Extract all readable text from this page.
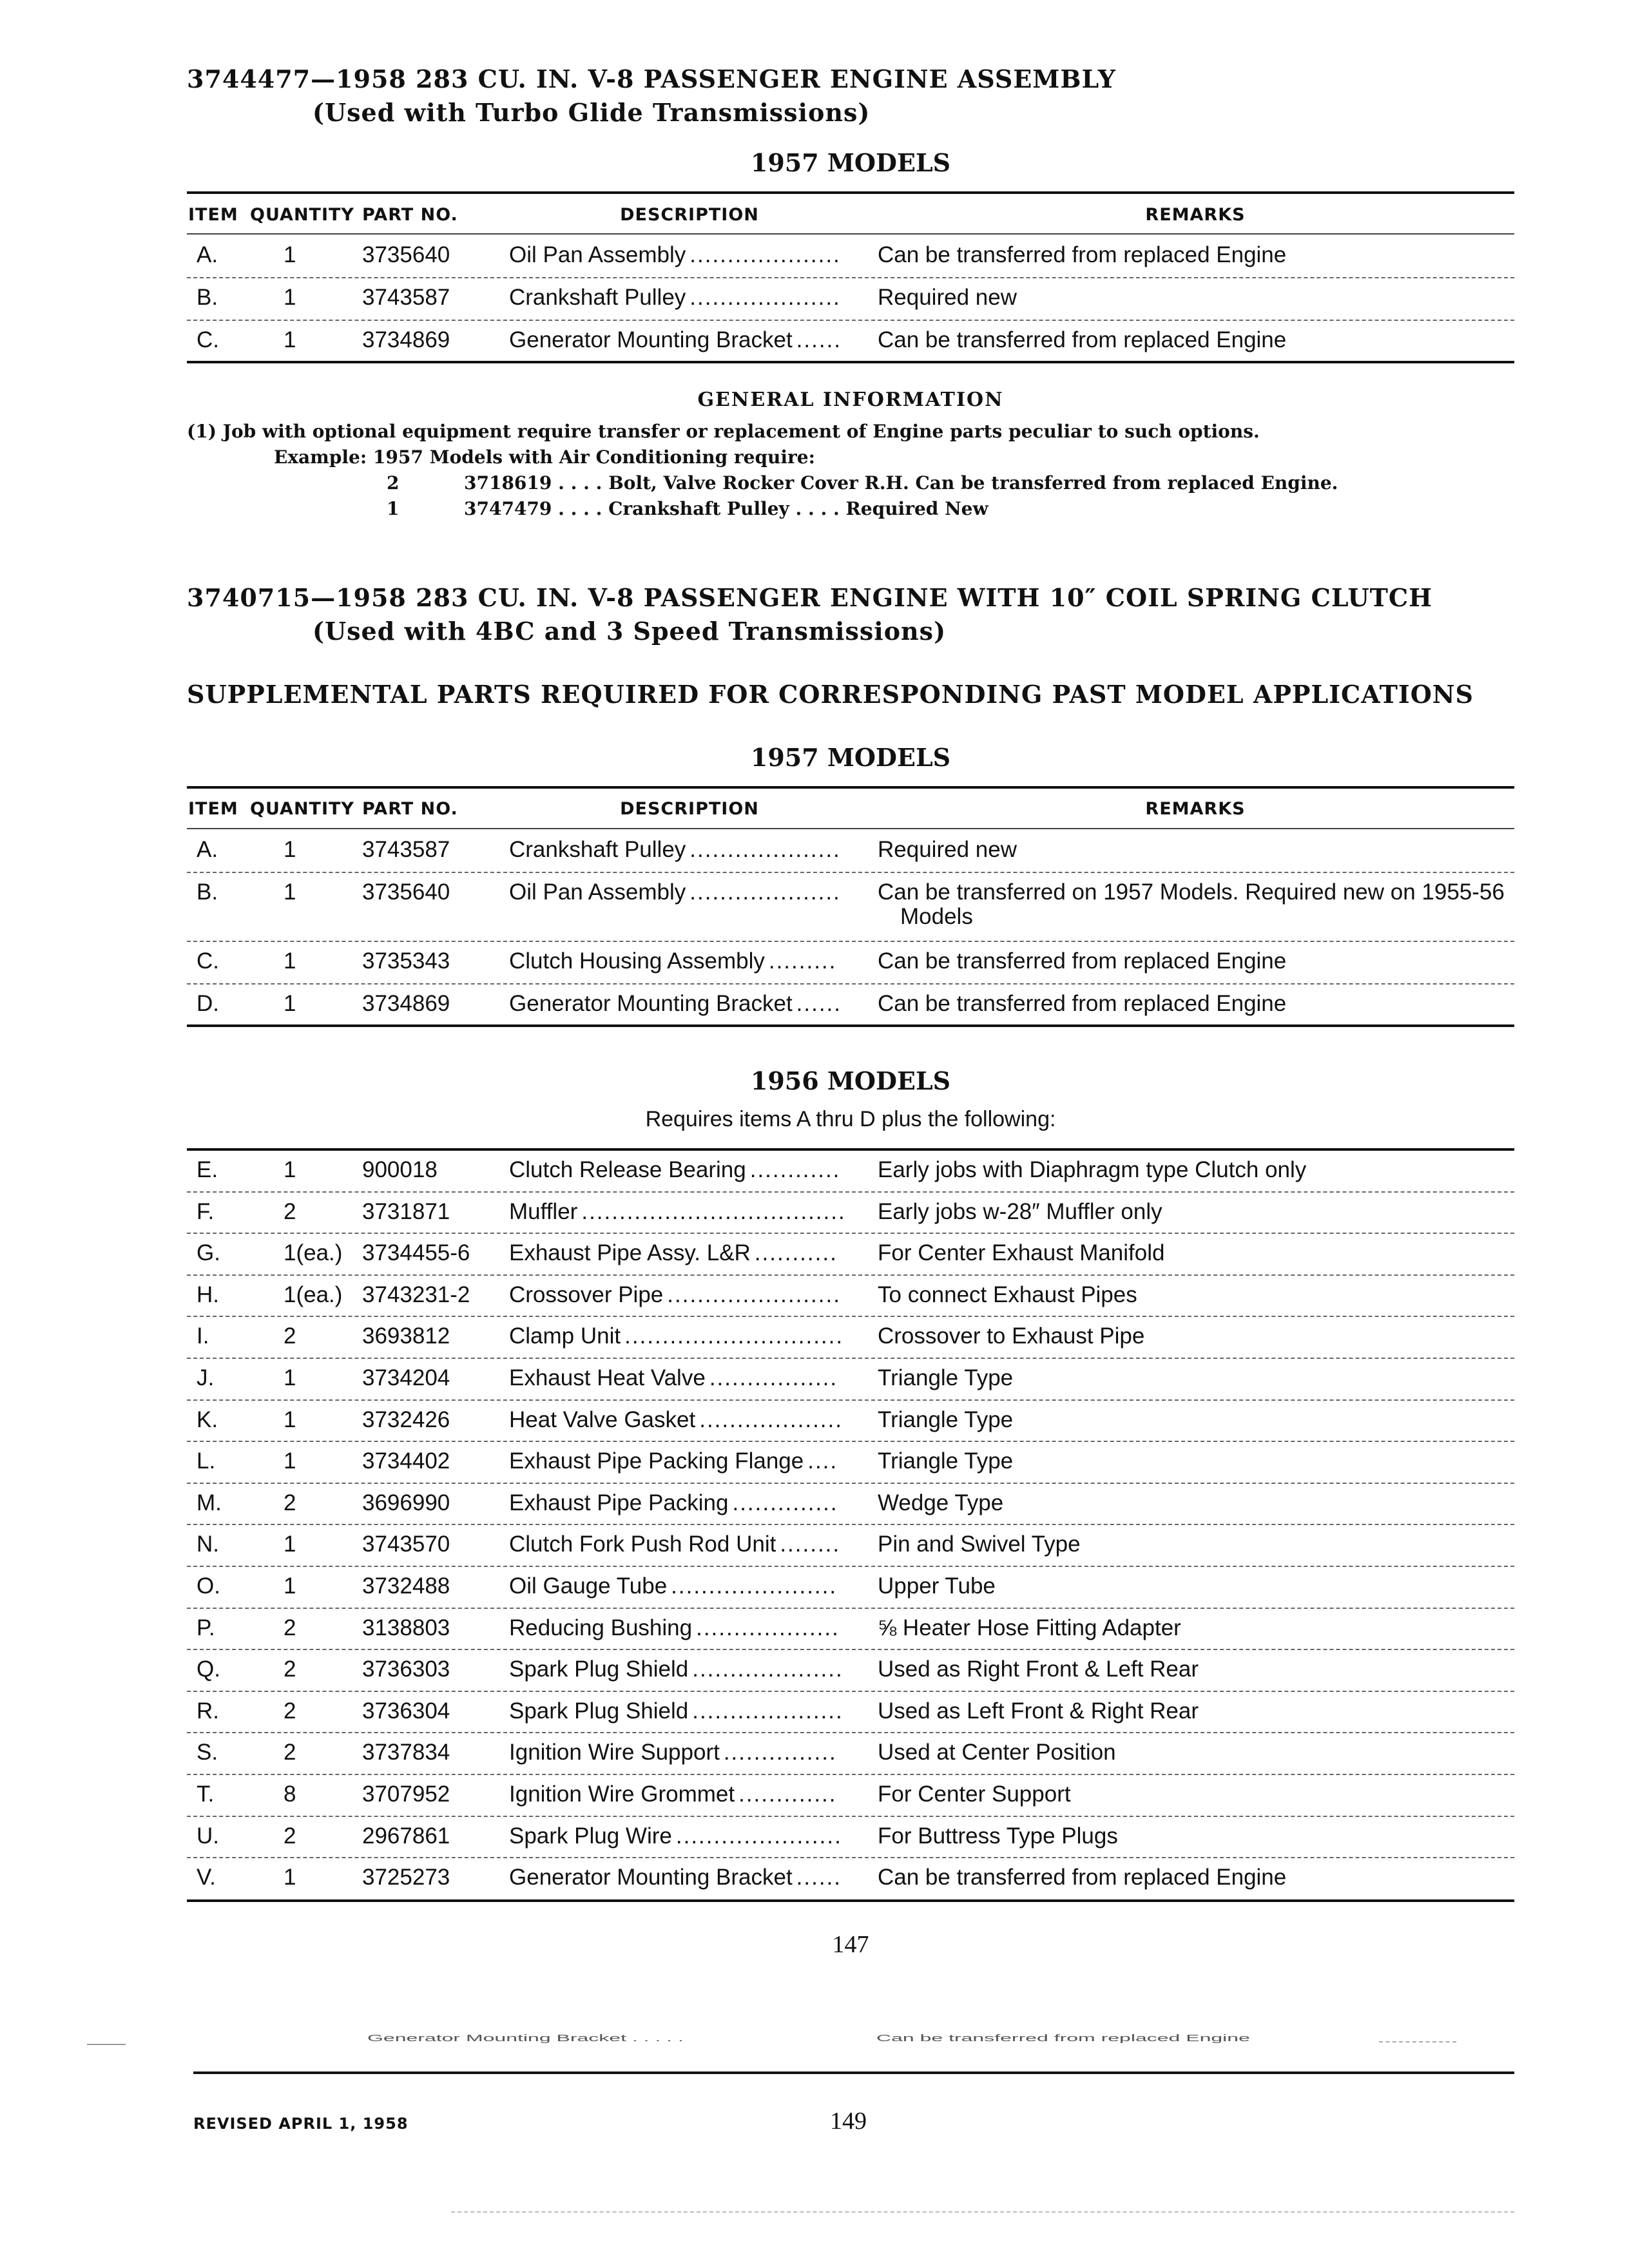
3744477—1958 283 CU. IN. V-8 PASSENGER ENGINE ASSEMBLY
(Used with Turbo Glide Transmissions)
1957 MODELS
ITEM QUANTITY PART NO.	DESCRIPTION	REMARKS
A.	1	3735640	Oil Pan Assembly .................... Can be transferred from replaced Engine
B.	1	3743587	Crankshaft Pulley .................... Required new
C.	1	3734869	Generator Mounting Bracket ...... Can be transferred from replaced Engine
GENERAL INFORMATION
(1) Job with optional equipment require transfer or replacement of Engine parts peculiar to such options.
Example: 1957 Models with Air Conditioning require:
2	3718619 . . . . Bolt, Valve Rocker Cover R.H. Can be transferred from replaced Engine.
1	3747479 . . . . Crankshaft Pulley . . . . Required New
3740715—1958 283 CU. IN. V-8 PASSENGER ENGINE WITH 10″ COIL SPRING CLUTCH
(Used with 4BC and 3 Speed Transmissions)
SUPPLEMENTAL PARTS REQUIRED FOR CORRESPONDING PAST MODEL APPLICATIONS
1957 MODELS
ITEM QUANTITY PART NO.	DESCRIPTION	REMARKS
A.	1	3743587	Crankshaft Pulley .................... Required new
B.	1	3735640	Oil Pan Assembly .................... Can be transferred on 1957 Models. Required new on 1955-56
Models
C.	1	3735343	Clutch Housing Assembly ......... Can be transferred from replaced Engine
D.	1	3734869	Generator Mounting Bracket ...... Can be transferred from replaced Engine
1956 MODELS
Requires items A thru D plus the following:
E.	1	900018	Clutch Release Bearing ............ Early jobs with Diaphragm type Clutch only
F.	2	3731871	Muffler ................................... Early jobs w-28″ Muffler only
G.	1(ea.) 3734455-6 Exhaust Pipe Assy. L&R ........... For Center Exhaust Manifold
H.	1(ea.) 3743231-2 Crossover Pipe ....................... To connect Exhaust Pipes
I.	2	3693812	Clamp Unit ............................. Crossover to Exhaust Pipe
J.	1	3734204	Exhaust Heat Valve ................. Triangle Type
K.	1	3732426	Heat Valve Gasket ................... Triangle Type
L.	1	3734402	Exhaust Pipe Packing Flange .... Triangle Type
M.	2	3696990	Exhaust Pipe Packing .............. Wedge Type
N.	1	3743570	Clutch Fork Push Rod Unit ........ Pin and Swivel Type
O.	1	3732488	Oil Gauge Tube ...................... Upper Tube
P.	2	3138803	Reducing Bushing ................... ⅝ Heater Hose Fitting Adapter
Q.	2	3736303	Spark Plug Shield .................... Used as Right Front & Left Rear
R.	2	3736304	Spark Plug Shield .................... Used as Left Front & Right Rear
S.	2	3737834	Ignition Wire Support ............... Used at Center Position
T.	8	3707952	Ignition Wire Grommet ............. For Center Support
U.	2	2967861	Spark Plug Wire ...................... For Buttress Type Plugs
V.	1	3725273	Generator Mounting Bracket ...... Can be transferred from replaced Engine
147
Generator Mounting Bracket . . . . .	Can be transferred from replaced Engine
REVISED APRIL 1, 1958	149
